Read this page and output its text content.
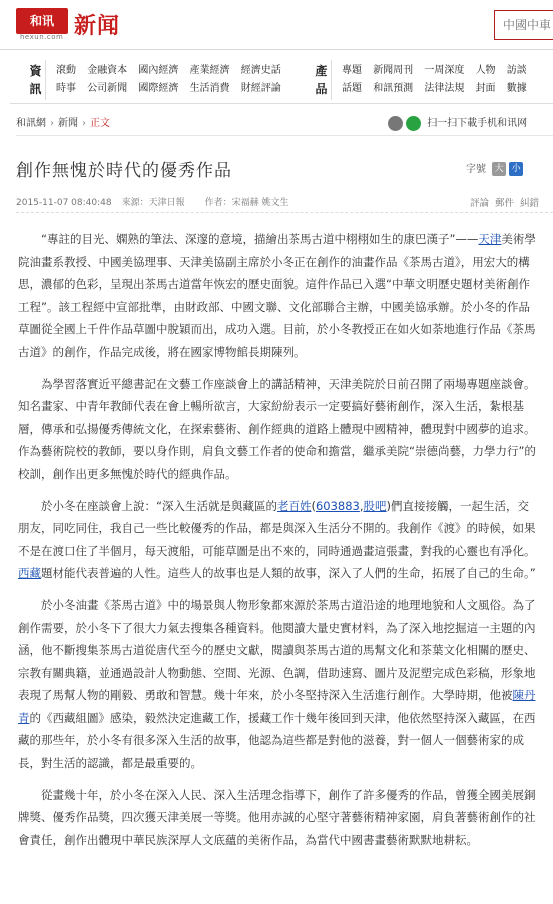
和讯
hexun.com 新闻
中國中車
資訊
滾動 金融資本 國內經濟 產業經濟 經濟史話
時事 公司新聞 國際經濟 生活消費 財經評論
產品
專題 新聞周刊 一周深度 人物 訪談
話題 和訊預測 法律法規 封面 數據
和訊網 › 新聞 › 正文	扫一扫下載手机和讯网
創作無愧於時代的優秀作品	字號 大 小
2015-11-07 08:40:48 來源：天津日報 作者：宋福赫 姚文生	評論 郵件 糾錯

“專註的目光、嫻熟的筆法、深邃的意境，描繪出茶馬古道中栩栩如生的康巴漢子”——天津美術學院油畫系教授、中國美協理事、天津美協副主席於小冬正在創作的油畫作品《茶馬古道》，用宏大的構思，濃郁的色彩，呈現出茶馬古道當年恢宏的歷史面貌。這件作品已入選“中華文明歷史題材美術創作工程”。該工程經中宣部批準，由財政部、中國文聯、文化部聯合主辦，中國美協承辦。於小冬的作品草圖從全國上千件作品草圖中脫穎而出，成功入選。目前，於小冬教授正在如火如荼地進行作品《茶馬古道》的創作，作品完成後，將在國家博物館長期陳列。

為學習落實近平總書記在文藝工作座談會上的講話精神，天津美院於日前召開了兩場專題座談會。知名畫家、中青年教師代表在會上暢所欲言，大家紛紛表示一定要搞好藝術創作，深入生活，紮根基層，傳承和弘揚優秀傳統文化，在探索藝術、創作經典的道路上體現中國精神，體現對中國夢的追求。作為藝術院校的教師，要以身作則，肩負文藝工作者的使命和擔當，繼承美院“崇德尚藝，力學力行”的校訓，創作出更多無愧於時代的經典作品。

於小冬在座談會上說：“深入生活就是與藏區的老百姓(603883,股吧)們直接接觸，一起生活，交朋友，同吃同住，我自己一些比較優秀的作品，都是與深入生活分不開的。我創作《渡》的時候，如果不是在渡口住了半個月，每天渡船，可能草圖是出不來的，同時通過畫這張畫，對我的心靈也有凈化。西藏題材能代表普遍的人性。這些人的故事也是人類的故事，深入了人們的生命，拓展了自己的生命。”

於小冬油畫《茶馬古道》中的場景與人物形象都來源於茶馬古道沿途的地理地貌和人文風俗。為了創作需要，於小冬下了很大力氣去搜集各種資料。他閱讀大量史實材料，為了深入地挖掘這一主題的內涵，他不斷搜集茶馬古道從唐代至今的歷史文獻，閱讀與茶馬古道的馬幫文化和茶葉文化相關的歷史、宗教有關典籍，並通過設計人物動態、空間、光源、色調，借助速寫、圖片及泥塑完成色彩稿，形象地表現了馬幫人物的剛毅、勇敢和智慧。幾十年來，於小冬堅持深入生活進行創作。大學時期，他被陳丹青的《西藏組圖》感染，毅然決定進藏工作，援藏工作十幾年後回到天津，他依然堅持深入藏區，在西藏的那些年，於小冬有很多深入生活的故事，他認為這些都是對他的滋養，對一個人一個藝術家的成長，對生活的認識，都是最重要的。

從畫幾十年，於小冬在深入人民、深入生活理念指導下，創作了許多優秀的作品，曾獲全國美展銅牌獎、優秀作品獎，四次獲天津美展一等獎。他用赤誠的心堅守著藝術精神家園，肩負著藝術創作的社會責任，創作出體現中華民族深厚人文底蘊的美術作品，為當代中國書畫藝術默默地耕耘。
